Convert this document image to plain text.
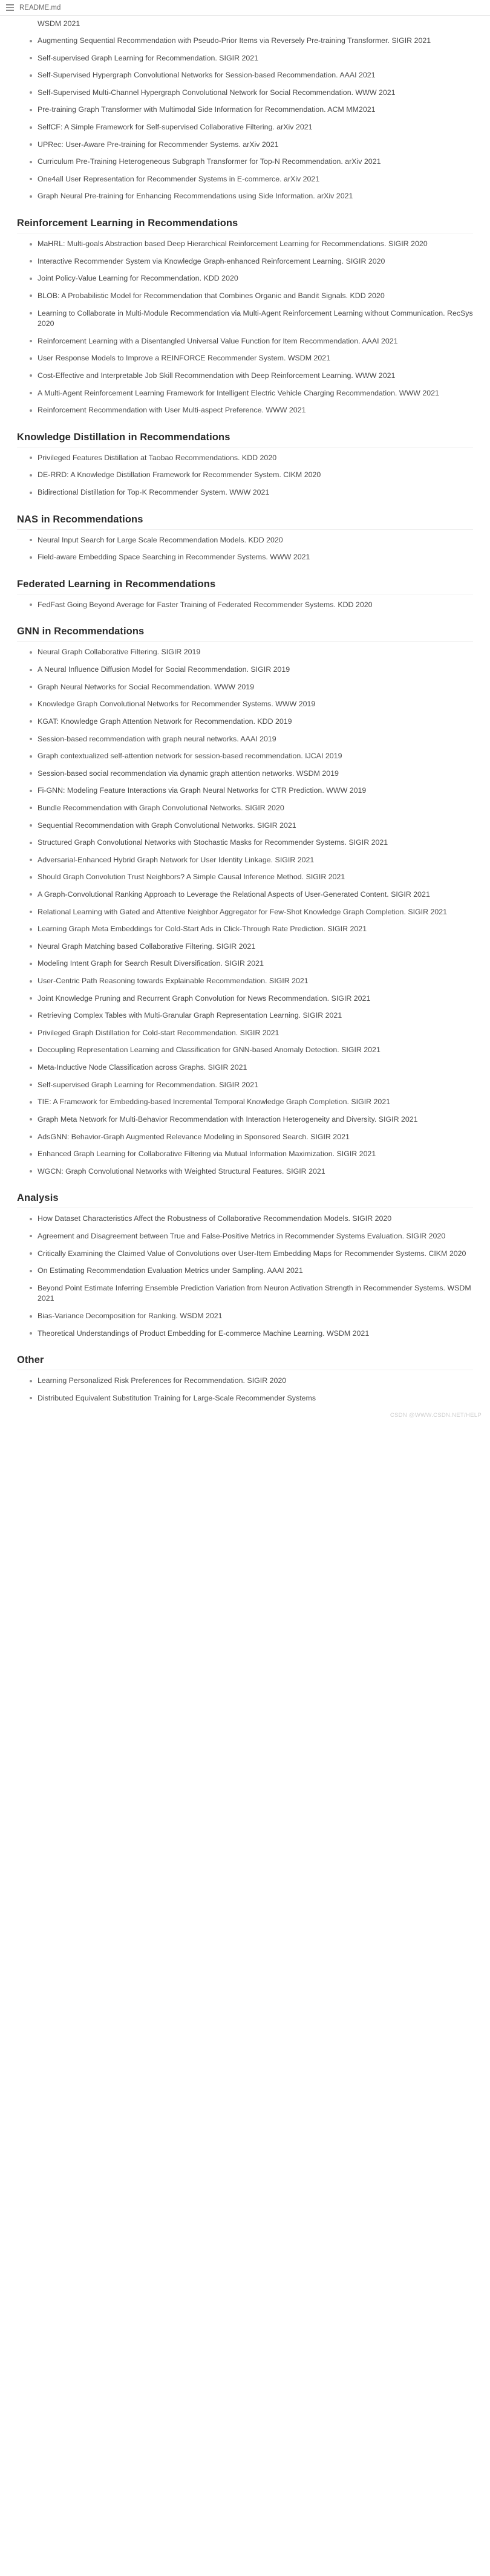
README.md
WSDM 2021
Augmenting Sequential Recommendation with Pseudo-Prior Items via Reversely Pre-training Transformer. SIGIR 2021
Self-supervised Graph Learning for Recommendation. SIGIR 2021
Self-Supervised Hypergraph Convolutional Networks for Session-based Recommendation. AAAI 2021
Self-Supervised Multi-Channel Hypergraph Convolutional Network for Social Recommendation. WWW 2021
Pre-training Graph Transformer with Multimodal Side Information for Recommendation. ACM MM2021
SelfCF: A Simple Framework for Self-supervised Collaborative Filtering. arXiv 2021
UPRec: User-Aware Pre-training for Recommender Systems. arXiv 2021
Curriculum Pre-Training Heterogeneous Subgraph Transformer for Top-N Recommendation. arXiv 2021
One4all User Representation for Recommender Systems in E-commerce. arXiv 2021
Graph Neural Pre-training for Enhancing Recommendations using Side Information. arXiv 2021
Reinforcement Learning in Recommendations
MaHRL: Multi-goals Abstraction based Deep Hierarchical Reinforcement Learning for Recommendations. SIGIR 2020
Interactive Recommender System via Knowledge Graph-enhanced Reinforcement Learning. SIGIR 2020
Joint Policy-Value Learning for Recommendation. KDD 2020
BLOB: A Probabilistic Model for Recommendation that Combines Organic and Bandit Signals. KDD 2020
Learning to Collaborate in Multi-Module Recommendation via Multi-Agent Reinforcement Learning without Communication. RecSys 2020
Reinforcement Learning with a Disentangled Universal Value Function for Item Recommendation. AAAI 2021
User Response Models to Improve a REINFORCE Recommender System. WSDM 2021
Cost-Effective and Interpretable Job Skill Recommendation with Deep Reinforcement Learning. WWW 2021
A Multi-Agent Reinforcement Learning Framework for Intelligent Electric Vehicle Charging Recommendation. WWW 2021
Reinforcement Recommendation with User Multi-aspect Preference. WWW 2021
Knowledge Distillation in Recommendations
Privileged Features Distillation at Taobao Recommendations. KDD 2020
DE-RRD: A Knowledge Distillation Framework for Recommender System. CIKM 2020
Bidirectional Distillation for Top-K Recommender System. WWW 2021
NAS in Recommendations
Neural Input Search for Large Scale Recommendation Models. KDD 2020
Field-aware Embedding Space Searching in Recommender Systems. WWW 2021
Federated Learning in Recommendations
FedFast Going Beyond Average for Faster Training of Federated Recommender Systems. KDD 2020
GNN in Recommendations
Neural Graph Collaborative Filtering. SIGIR 2019
A Neural Influence Diffusion Model for Social Recommendation. SIGIR 2019
Graph Neural Networks for Social Recommendation. WWW 2019
Knowledge Graph Convolutional Networks for Recommender Systems. WWW 2019
KGAT: Knowledge Graph Attention Network for Recommendation. KDD 2019
Session-based recommendation with graph neural networks. AAAI 2019
Graph contextualized self-attention network for session-based recommendation. IJCAI 2019
Session-based social recommendation via dynamic graph attention networks. WSDM 2019
Fi-GNN: Modeling Feature Interactions via Graph Neural Networks for CTR Prediction. WWW 2019
Bundle Recommendation with Graph Convolutional Networks. SIGIR 2020
Sequential Recommendation with Graph Convolutional Networks. SIGIR 2021
Structured Graph Convolutional Networks with Stochastic Masks for Recommender Systems. SIGIR 2021
Adversarial-Enhanced Hybrid Graph Network for User Identity Linkage. SIGIR 2021
Should Graph Convolution Trust Neighbors? A Simple Causal Inference Method. SIGIR 2021
A Graph-Convolutional Ranking Approach to Leverage the Relational Aspects of User-Generated Content. SIGIR 2021
Relational Learning with Gated and Attentive Neighbor Aggregator for Few-Shot Knowledge Graph Completion. SIGIR 2021
Learning Graph Meta Embeddings for Cold-Start Ads in Click-Through Rate Prediction. SIGIR 2021
Neural Graph Matching based Collaborative Filtering. SIGIR 2021
Modeling Intent Graph for Search Result Diversification. SIGIR 2021
User-Centric Path Reasoning towards Explainable Recommendation. SIGIR 2021
Joint Knowledge Pruning and Recurrent Graph Convolution for News Recommendation. SIGIR 2021
Retrieving Complex Tables with Multi-Granular Graph Representation Learning. SIGIR 2021
Privileged Graph Distillation for Cold-start Recommendation. SIGIR 2021
Decoupling Representation Learning and Classification for GNN-based Anomaly Detection. SIGIR 2021
Meta-Inductive Node Classification across Graphs. SIGIR 2021
Self-supervised Graph Learning for Recommendation. SIGIR 2021
TIE: A Framework for Embedding-based Incremental Temporal Knowledge Graph Completion. SIGIR 2021
Graph Meta Network for Multi-Behavior Recommendation with Interaction Heterogeneity and Diversity. SIGIR 2021
AdsGNN: Behavior-Graph Augmented Relevance Modeling in Sponsored Search. SIGIR 2021
Enhanced Graph Learning for Collaborative Filtering via Mutual Information Maximization. SIGIR 2021
WGCN: Graph Convolutional Networks with Weighted Structural Features. SIGIR 2021
Analysis
How Dataset Characteristics Affect the Robustness of Collaborative Recommendation Models. SIGIR 2020
Agreement and Disagreement between True and False-Positive Metrics in Recommender Systems Evaluation. SIGIR 2020
Critically Examining the Claimed Value of Convolutions over User-Item Embedding Maps for Recommender Systems. CIKM 2020
On Estimating Recommendation Evaluation Metrics under Sampling. AAAI 2021
Beyond Point Estimate Inferring Ensemble Prediction Variation from Neuron Activation Strength in Recommender Systems. WSDM 2021
Bias-Variance Decomposition for Ranking. WSDM 2021
Theoretical Understandings of Product Embedding for E-commerce Machine Learning. WSDM 2021
Other
Learning Personalized Risk Preferences for Recommendation. SIGIR 2020
Distributed Equivalent Substitution Training for Large-Scale Recommender Systems
CSDN @WWW.CSDN.NET/HELP
